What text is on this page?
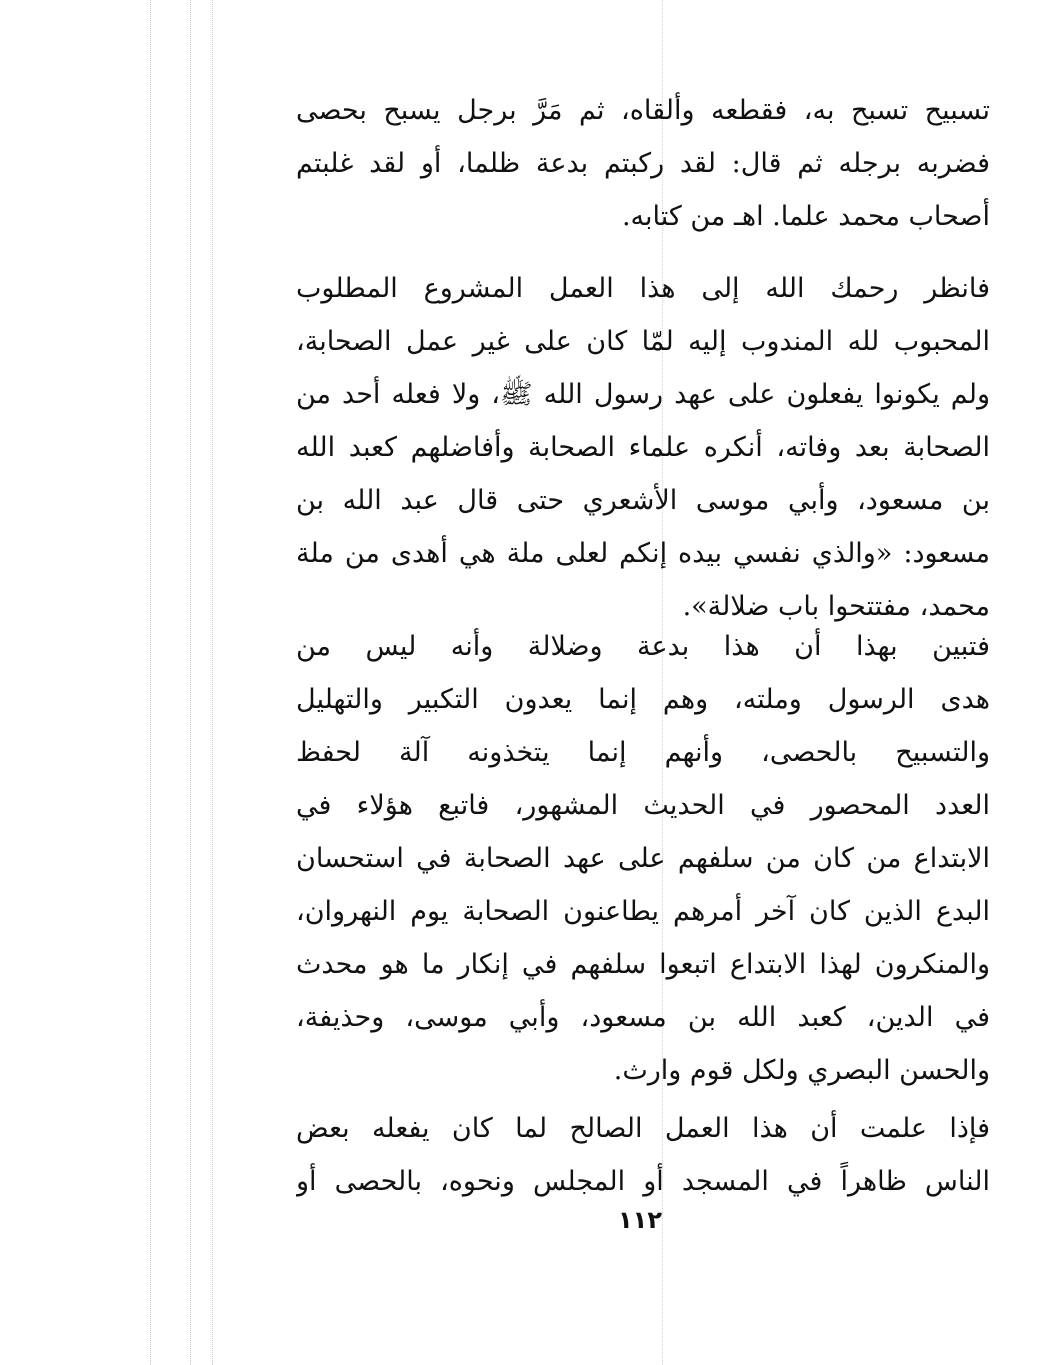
تسبيح تسبح به، فقطعه وألقاه، ثم مَرَّ برجل يسبح بحصى
فضربه برجله ثم قال: لقد ركبتم بدعة ظلما، أو لقد غلبتم
أصحاب محمد علما. اهـ من كتابه.
فانظر رحمك الله إلى هذا العمل المشروع المطلوب
المحبوب لله المندوب إليه لمّا كان على غير عمل الصحابة،
ولم يكونوا يفعلون على عهد رسول الله ﷺ، ولا فعله أحد من
الصحابة بعد وفاته، أنكره علماء الصحابة وأفاضلهم كعبد الله
بن مسعود، وأبي موسى الأشعري حتى قال عبد الله بن
مسعود: «والذي نفسي بيده إنكم لعلى ملة هي أهدى من ملة
محمد، مفتتحوا باب ضلالة».
فتبين بهذا أن هذا بدعة وضلالة وأنه ليس من
هدى الرسول وملته، وهم إنما يعدون التكبير والتهليل
والتسبيح بالحصى، وأنهم إنما يتخذونه آلة لحفظ
العدد المحصور في الحديث المشهور، فاتبع هؤلاء في
الابتداع من كان من سلفهم على عهد الصحابة في استحسان
البدع الذين كان آخر أمرهم يطاعنون الصحابة يوم النهروان،
والمنكرون لهذا الابتداع اتبعوا سلفهم في إنكار ما هو محدث
في الدين، كعبد الله بن مسعود، وأبي موسى، وحذيفة،
والحسن البصري ولكل قوم وارث.
فإذا علمت أن هذا العمل الصالح لما كان يفعله بعض
الناس ظاهراً في المسجد أو المجلس ونحوه، بالحصى أو
١١٢
